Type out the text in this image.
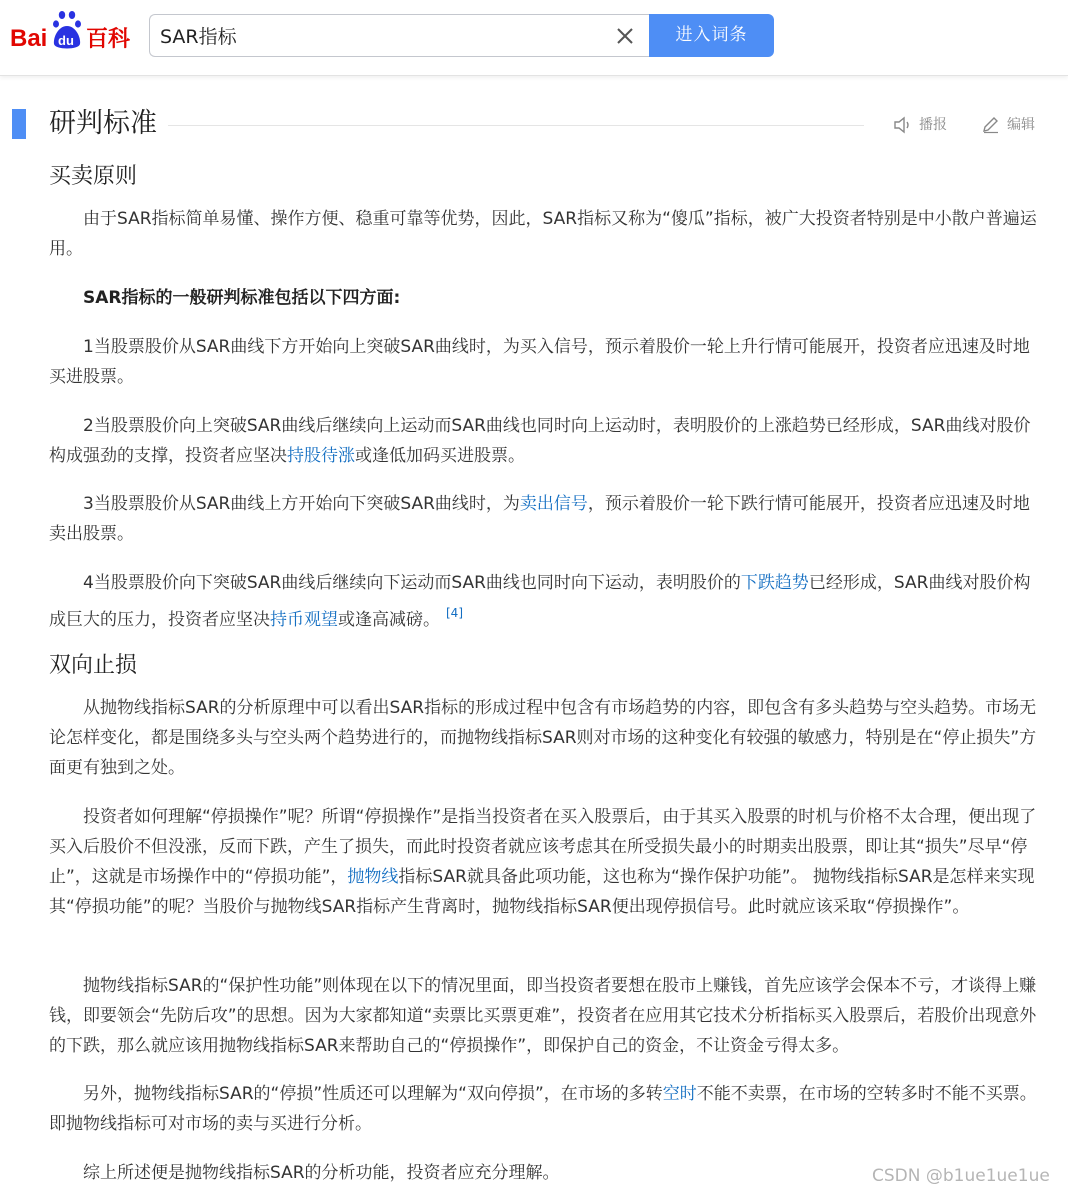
Bai du 百科
SAR指标	进入词条
研判标准	播报	编辑
买卖原则

由于SAR指标简单易懂、操作方便、稳重可靠等优势，因此，SAR指标又称为“傻瓜”指标，被广大投资者特别是中小散户普遍运用。

SAR指标的一般研判标准包括以下四方面:

1当股票股价从SAR曲线下方开始向上突破SAR曲线时，为买入信号，预示着股价一轮上升行情可能展开，投资者应迅速及时地买进股票。

2当股票股价向上突破SAR曲线后继续向上运动而SAR曲线也同时向上运动时，表明股价的上涨趋势已经形成，SAR曲线对股价构成强劲的支撑，投资者应坚决持股待涨或逢低加码买进股票。

3当股票股价从SAR曲线上方开始向下突破SAR曲线时，为卖出信号，预示着股价一轮下跌行情可能展开，投资者应迅速及时地卖出股票。

4当股票股价向下突破SAR曲线后继续向下运动而SAR曲线也同时向下运动，表明股价的下跌趋势已经形成，SAR曲线对股价构成巨大的压力，投资者应坚决持币观望或逢高减磅。 [4]

双向止损

从抛物线指标SAR的分析原理中可以看出SAR指标的形成过程中包含有市场趋势的内容，即包含有多头趋势与空头趋势。市场无论怎样变化，都是围绕多头与空头两个趋势进行的，而抛物线指标SAR则对市场的这种变化有较强的敏感力，特别是在“停止损失”方面更有独到之处。

投资者如何理解“停损操作”呢？所谓“停损操作”是指当投资者在买入股票后，由于其买入股票的时机与价格不太合理，便出现了买入后股价不但没涨，反而下跌，产生了损失，而此时投资者就应该考虑其在所受损失最小的时期卖出股票，即让其“损失”尽早“停止”，这就是市场操作中的“停损功能”，抛物线指标SAR就具备此项功能，这也称为“操作保护功能”。 抛物线指标SAR是怎样来实现其“停损功能”的呢？当股价与抛物线SAR指标产生背离时，抛物线指标SAR便出现停损信号。此时就应该采取“停损操作”。

抛物线指标SAR的“保护性功能”则体现在以下的情况里面，即当投资者要想在股市上赚钱，首先应该学会保本不亏，才谈得上赚钱，即要领会“先防后攻”的思想。因为大家都知道“卖票比买票更难”，投资者在应用其它技术分析指标买入股票后，若股价出现意外的下跌，那么就应该用抛物线指标SAR来帮助自己的“停损操作”，即保护自己的资金，不让资金亏得太多。

另外，抛物线指标SAR的“停损”性质还可以理解为“双向停损”，在市场的多转空时不能不卖票，在市场的空转多时不能不买票。即抛物线指标可对市场的卖与买进行分析。

综上所述便是抛物线指标SAR的分析功能，投资者应充分理解。	CSDN @b1ue1ue1ue
